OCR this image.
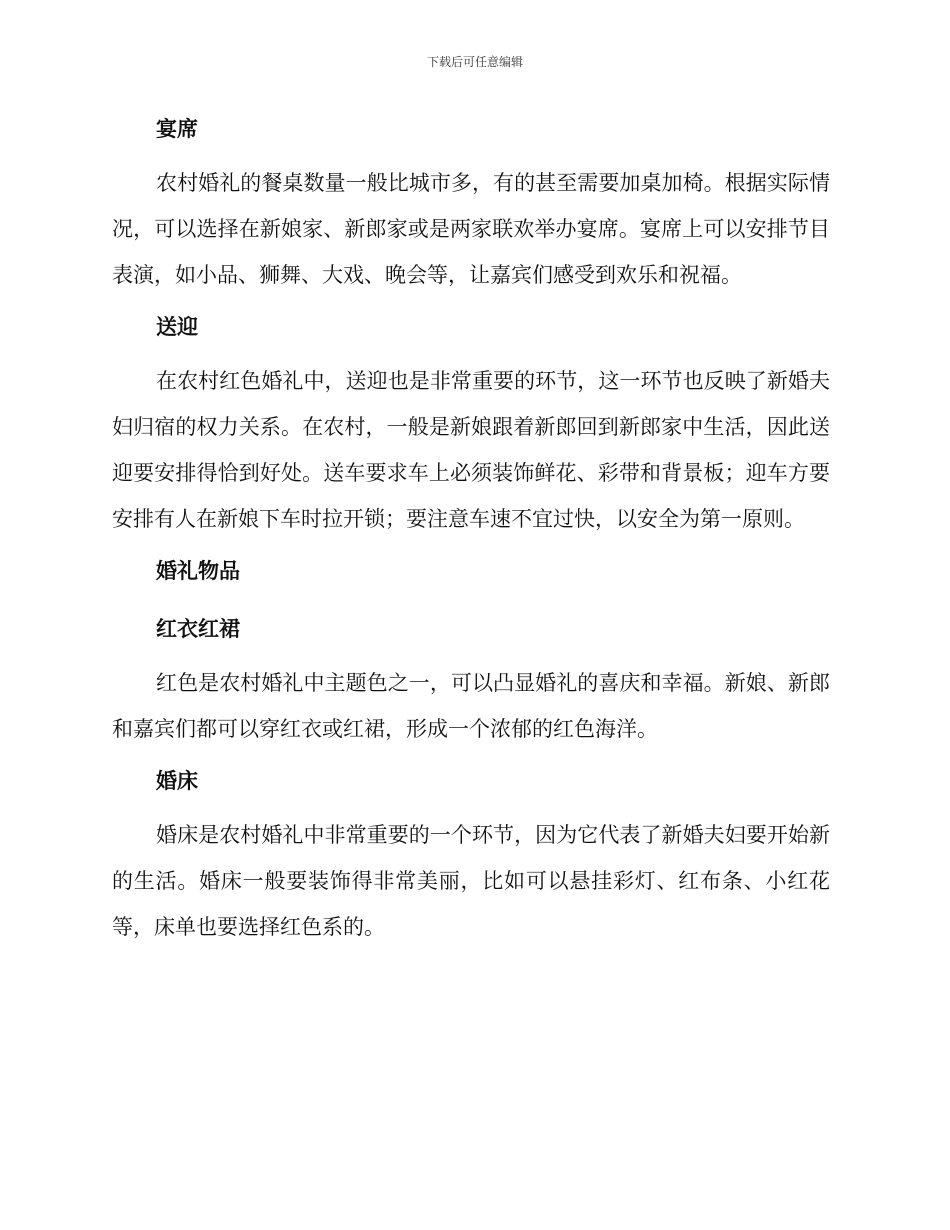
下载后可任意编辑
宴席

农村婚礼的餐桌数量一般比城市多，有的甚至需要加桌加椅。根据实际情况，可以选择在新娘家、新郎家或是两家联欢举办宴席。宴席上可以安排节目表演，如小品、狮舞、大戏、晚会等，让嘉宾们感受到欢乐和祝福。

送迎

在农村红色婚礼中，送迎也是非常重要的环节，这一环节也反映了新婚夫妇归宿的权力关系。在农村，一般是新娘跟着新郎回到新郎家中生活，因此送迎要安排得恰到好处。送车要求车上必须装饰鲜花、彩带和背景板；迎车方要安排有人在新娘下车时拉开锁；要注意车速不宜过快，以安全为第一原则。

婚礼物品
红衣红裙

红色是农村婚礼中主题色之一，可以凸显婚礼的喜庆和幸福。新娘、新郎和嘉宾们都可以穿红衣或红裙，形成一个浓郁的红色海洋。

婚床

婚床是农村婚礼中非常重要的一个环节，因为它代表了新婚夫妇要开始新的生活。婚床一般要装饰得非常美丽，比如可以悬挂彩灯、红布条、小红花等，床单也要选择红色系的。
